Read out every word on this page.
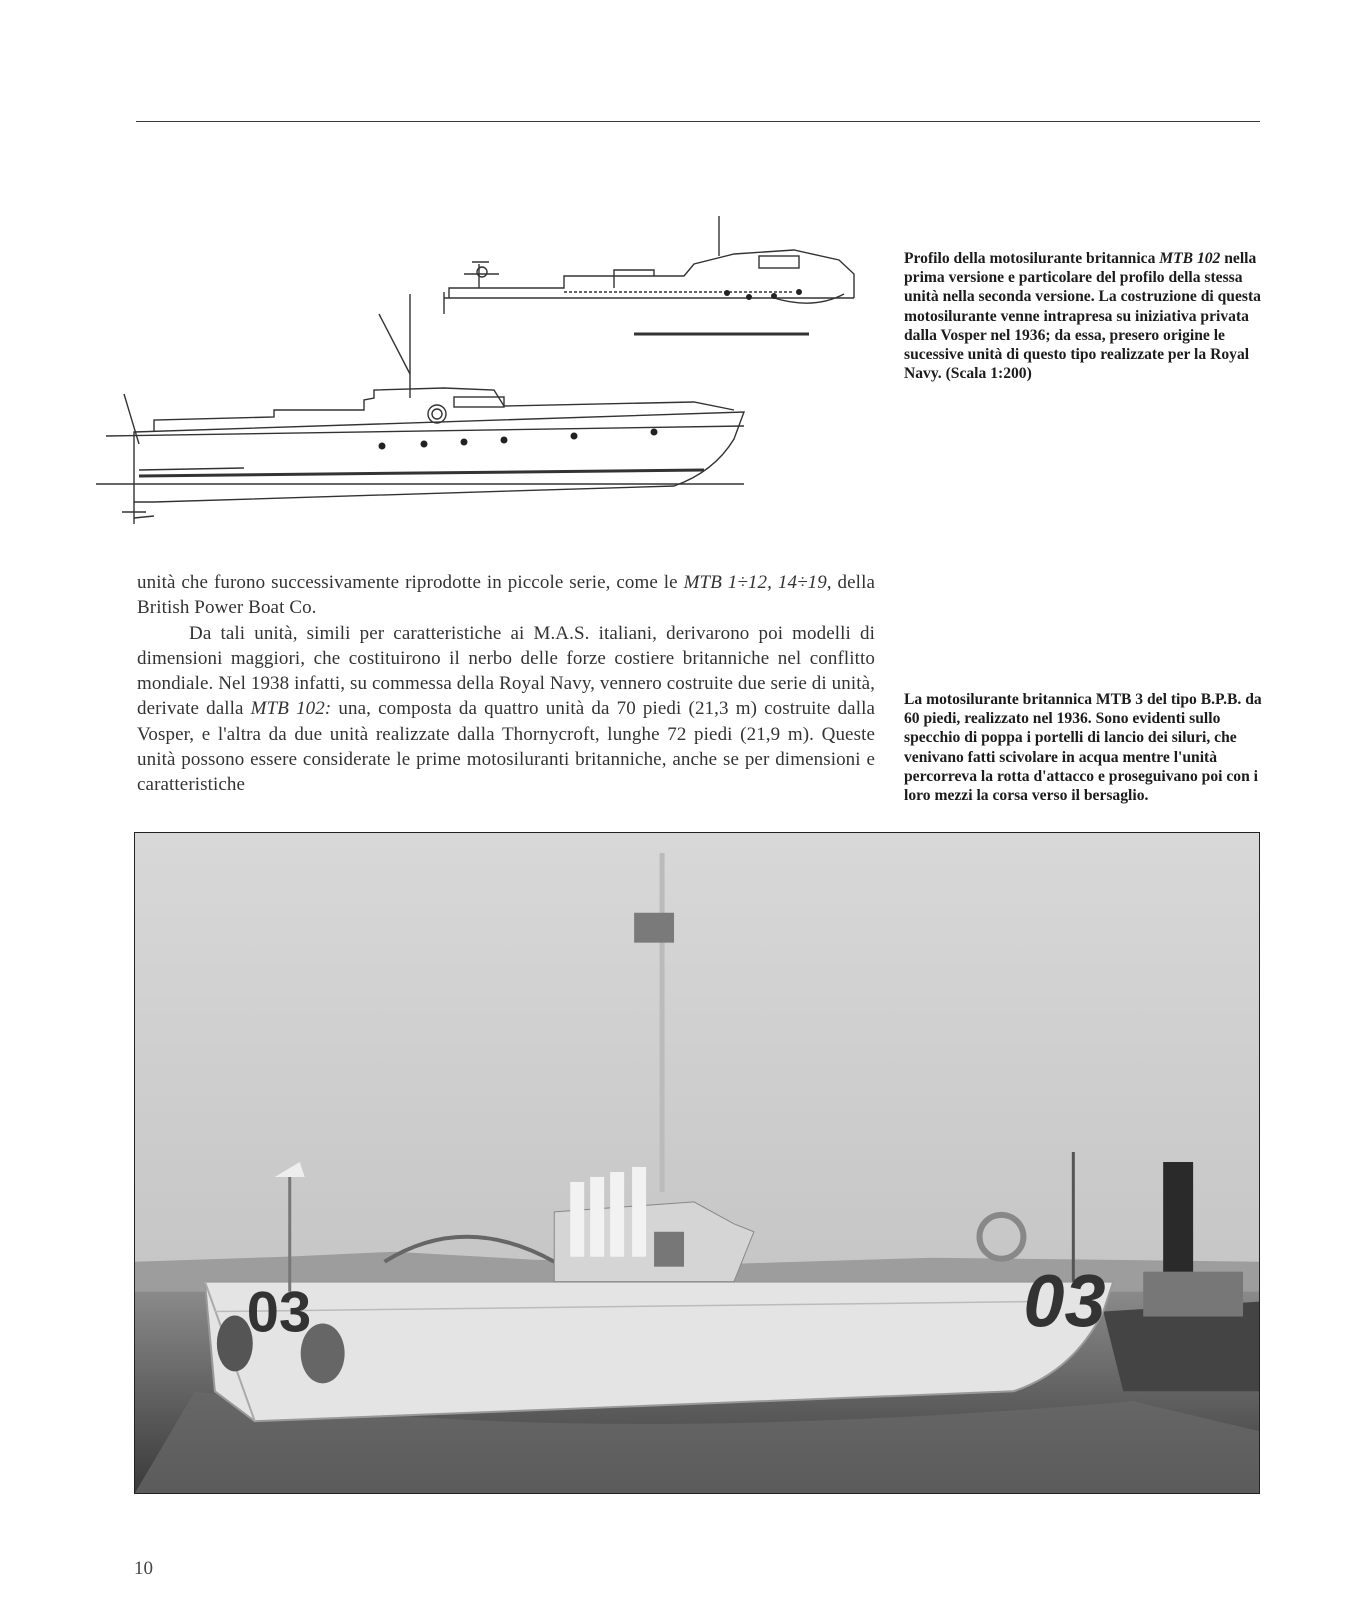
Profilo della motosilurante britannica MTB 102 nella prima versione e particolare del profilo della stessa unità nella seconda versione. La costruzione di questa motosilurante venne intrapresa su iniziativa privata dalla Vosper nel 1936; da essa, presero origine le sucessive unità di questo tipo realizzate per la Royal Navy. (Scala 1:200)

unità che furono successivamente riprodotte in piccole serie, come le MTB 1÷12, 14÷19, della British Power Boat Co.

Da tali unità, simili per caratteristiche ai M.A.S. italiani, derivarono poi modelli di dimensioni maggiori, che costituirono il nerbo delle forze costiere britanniche nel conflitto mondiale. Nel 1938 infatti, su commessa della Royal Navy, vennero costruite due serie di unità, derivate dalla MTB 102: una, composta da quattro unità da 70 piedi (21,3 m) costruite dalla Vosper, e l'altra da due unità realizzate dalla Thornycroft, lunghe 72 piedi (21,9 m). Queste unità possono essere considerate le prime motosiluranti britanniche, anche se per dimensioni e caratteristiche

La motosilurante britannica MTB 3 del tipo B.P.B. da 60 piedi, realizzato nel 1936. Sono evidenti sullo specchio di poppa i portelli di lancio dei siluri, che venivano fatti scivolare in acqua mentre l'unità percorreva la rotta d'attacco e proseguivano poi con i loro mezzi la corsa verso il bersaglio.
03	03
10
